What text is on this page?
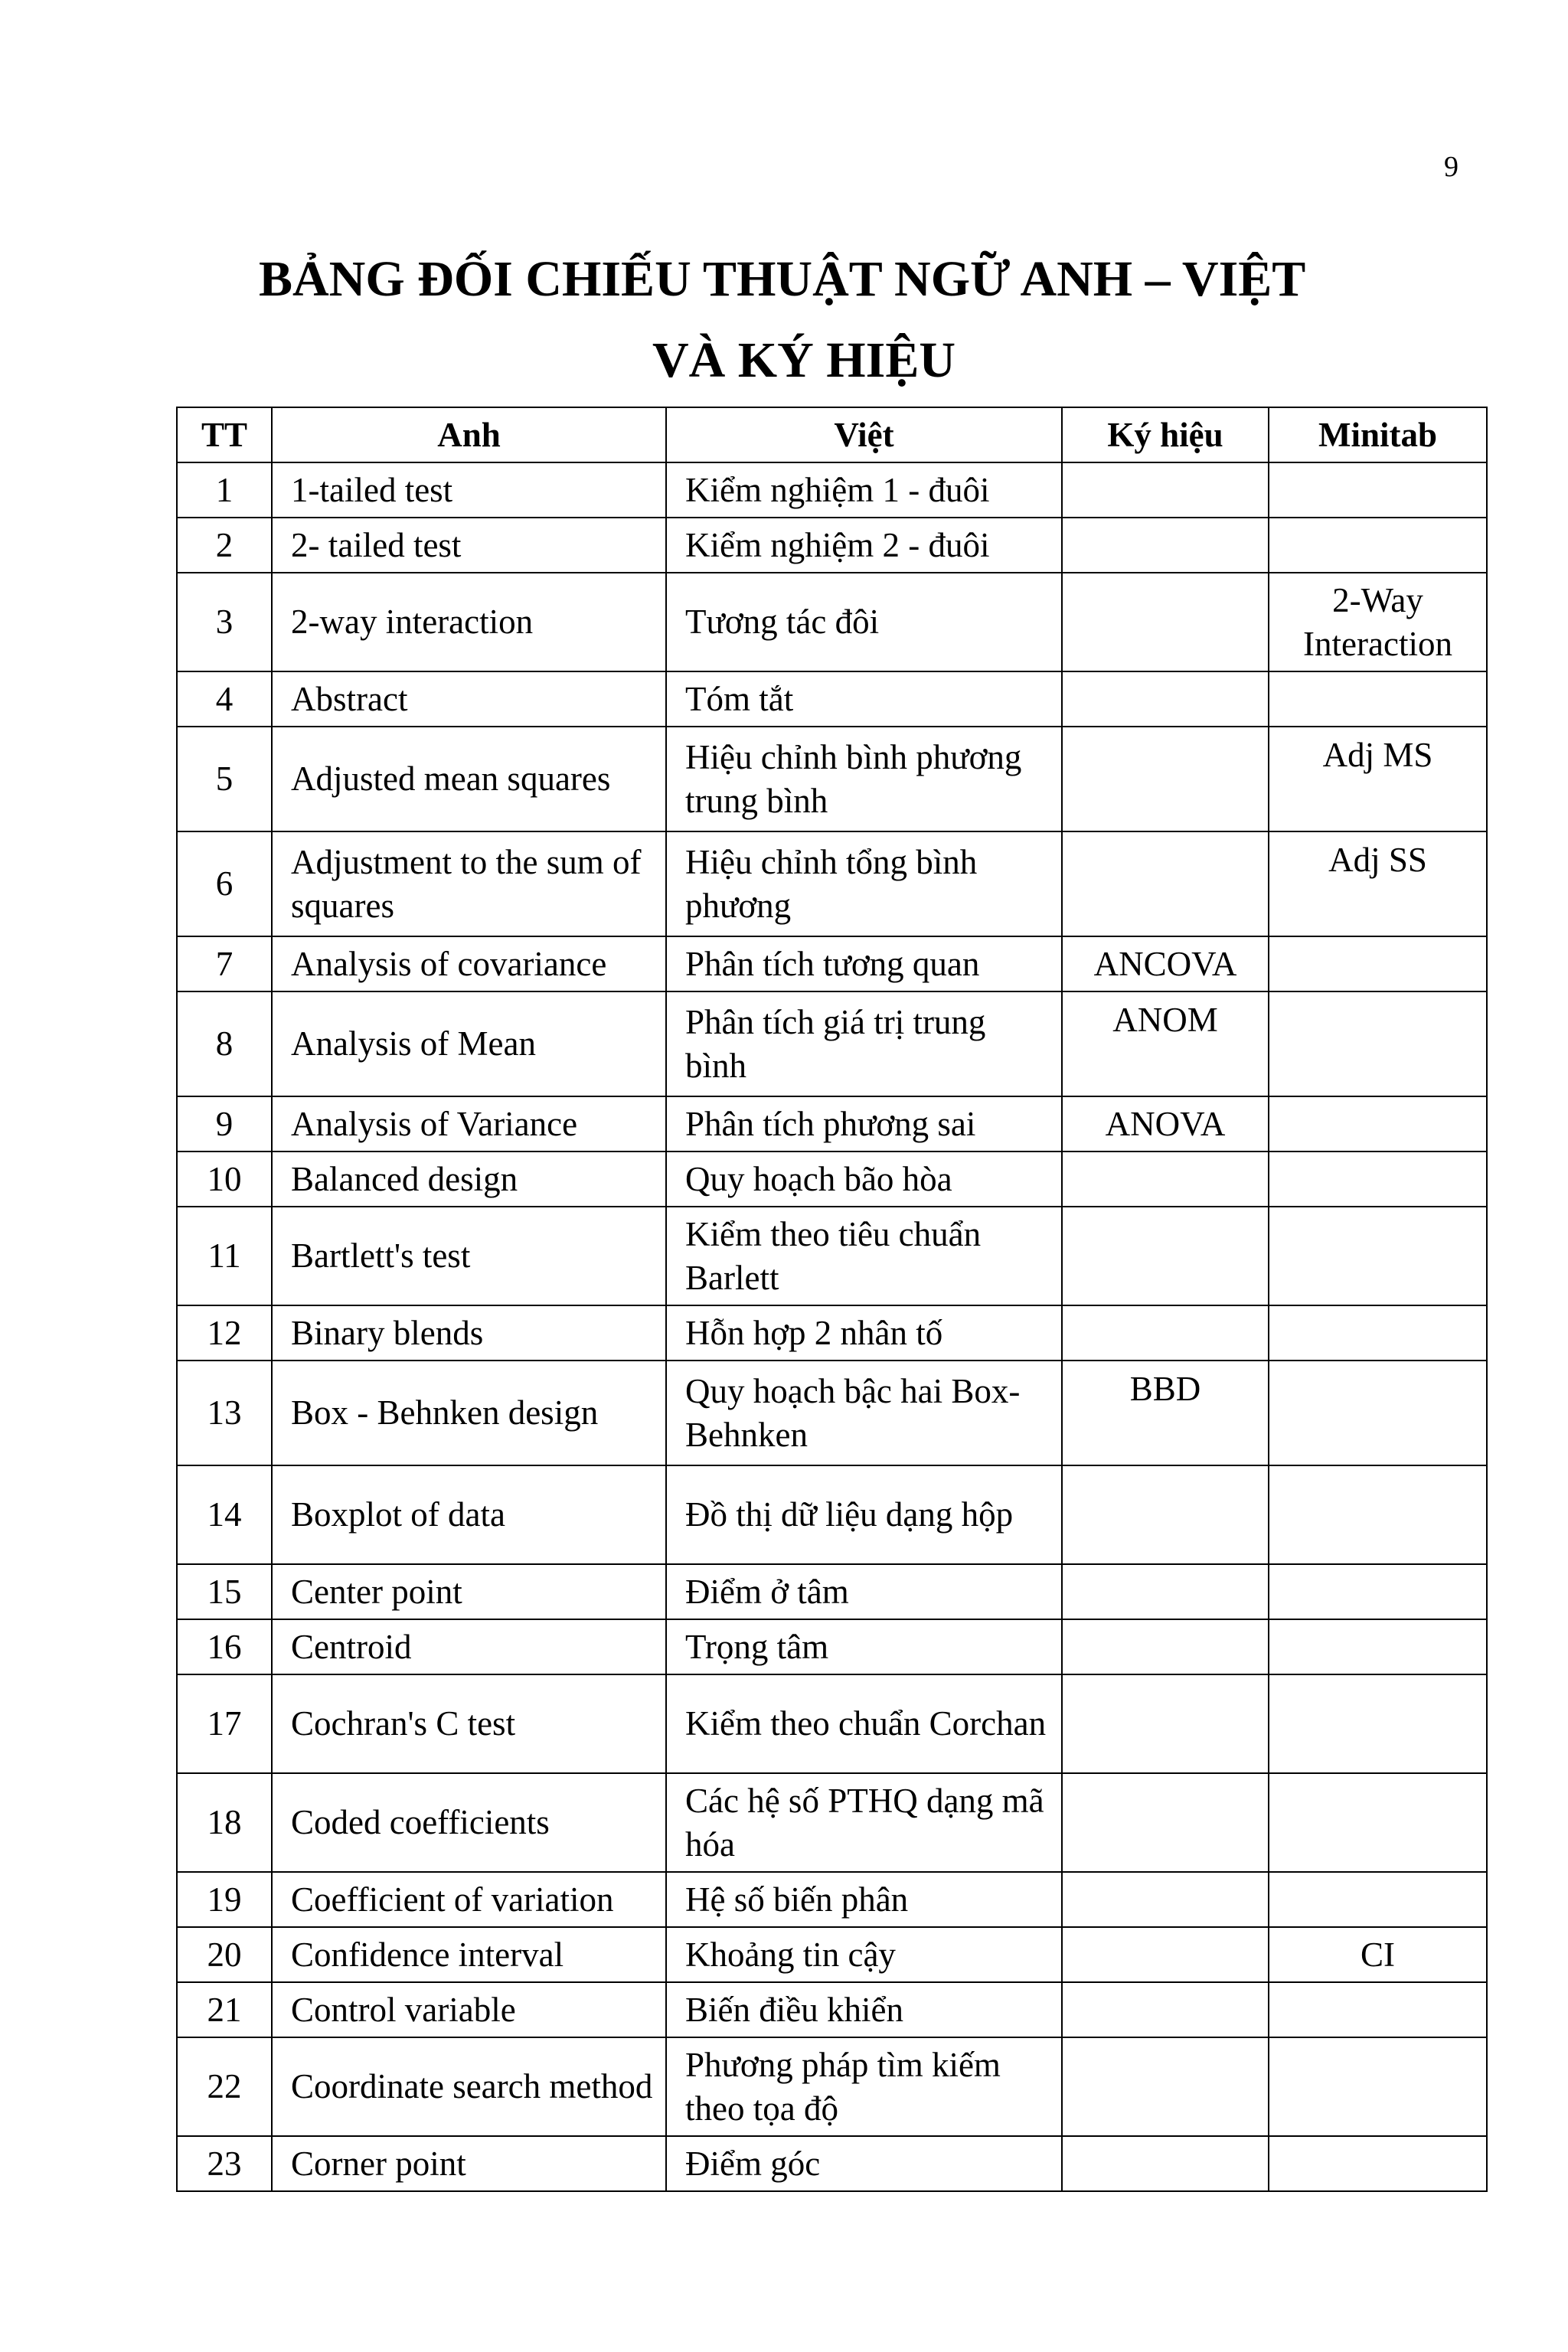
9
BẢNG ĐỐI CHIẾU THUẬT NGỮ ANH – VIỆT
VÀ KÝ HIỆU
TT	Anh	Việt	Ký hiệu	Minitab
1	1-tailed test	Kiểm nghiệm 1 - đuôi		
2	2- tailed test	Kiểm nghiệm 2 - đuôi		
3	2-way interaction	Tương tác đôi		2-Way Interaction
4	Abstract	Tóm tắt		
5	Adjusted mean squares	Hiệu chỉnh bình phương trung bình		Adj MS
6	Adjustment to the sum of squares	Hiệu chỉnh tổng bình phương		Adj SS
7	Analysis of covariance	Phân tích tương quan	ANCOVA	
8	Analysis of Mean	Phân tích giá trị trung bình	ANOM	
9	Analysis of Variance	Phân tích phương sai	ANOVA	
10	Balanced design	Quy hoạch bão hòa		
11	Bartlett's test	Kiểm theo tiêu chuẩn Barlett		
12	Binary blends	Hỗn hợp 2 nhân tố		
13	Box - Behnken design	Quy hoạch bậc hai Box-Behnken	BBD	
14	Boxplot of data	Đồ thị dữ liệu dạng hộp		
15	Center point	Điểm ở tâm		
16	Centroid	Trọng tâm		
17	Cochran's C test	Kiểm theo chuẩn Corchan		
18	Coded coefficients	Các hệ số PTHQ dạng mã hóa		
19	Coefficient of variation	Hệ số biến phân		
20	Confidence interval	Khoảng tin cậy		CI
21	Control variable	Biến điều khiển		
22	Coordinate search method	Phương pháp tìm kiếm theo tọa độ		
23	Corner point	Điểm góc		
